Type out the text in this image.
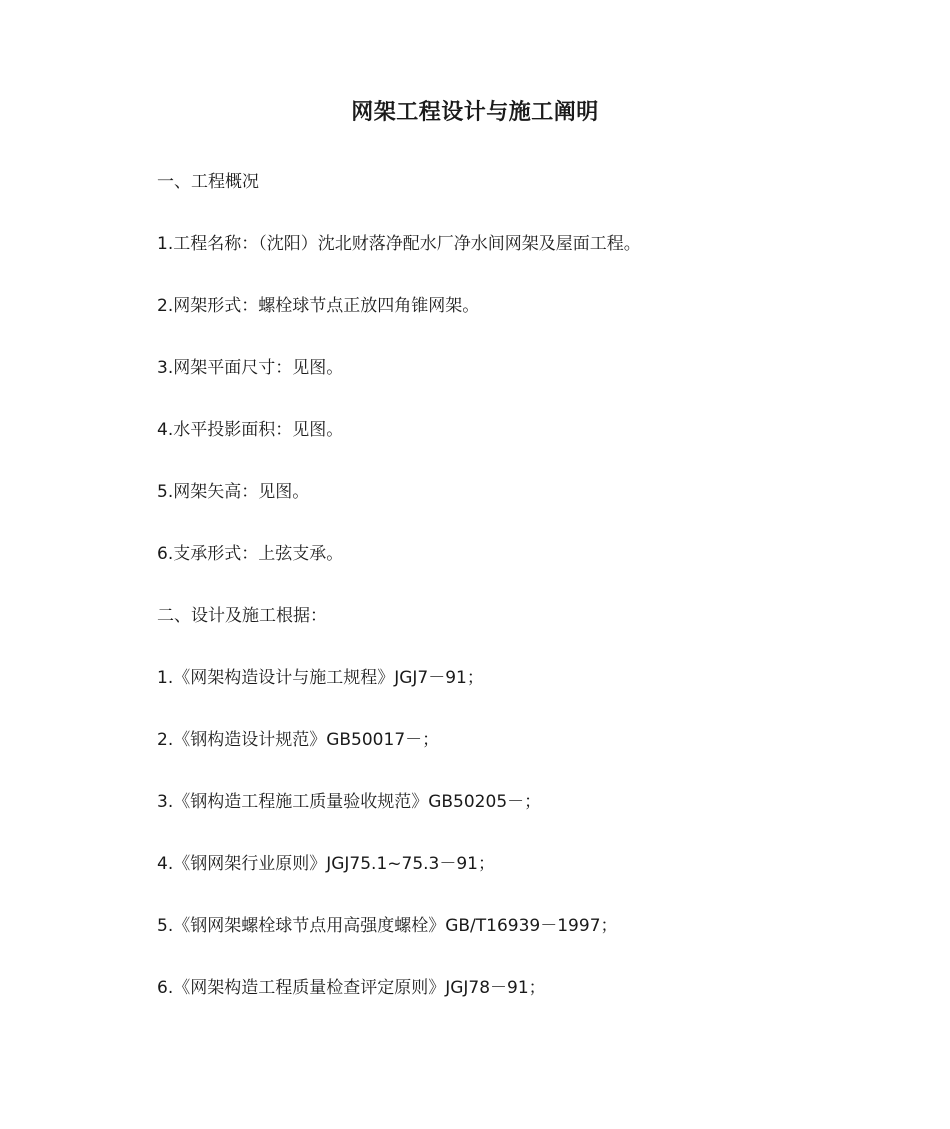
网架工程设计与施工阐明
一、工程概况
1.工程名称：（沈阳）沈北财落净配水厂净水间网架及屋面工程。
2.网架形式：螺栓球节点正放四角锥网架。
3.网架平面尺寸：见图。
4.水平投影面积：见图。
5.网架矢高：见图。
6.支承形式：上弦支承。
二、设计及施工根据：
1.《网架构造设计与施工规程》JGJ7－91；
2.《钢构造设计规范》GB50017－；
3.《钢构造工程施工质量验收规范》GB50205－；
4.《钢网架行业原则》JGJ75.1~75.3－91；
5.《钢网架螺栓球节点用高强度螺栓》GB/T16939－1997；
6.《网架构造工程质量检查评定原则》JGJ78－91；
